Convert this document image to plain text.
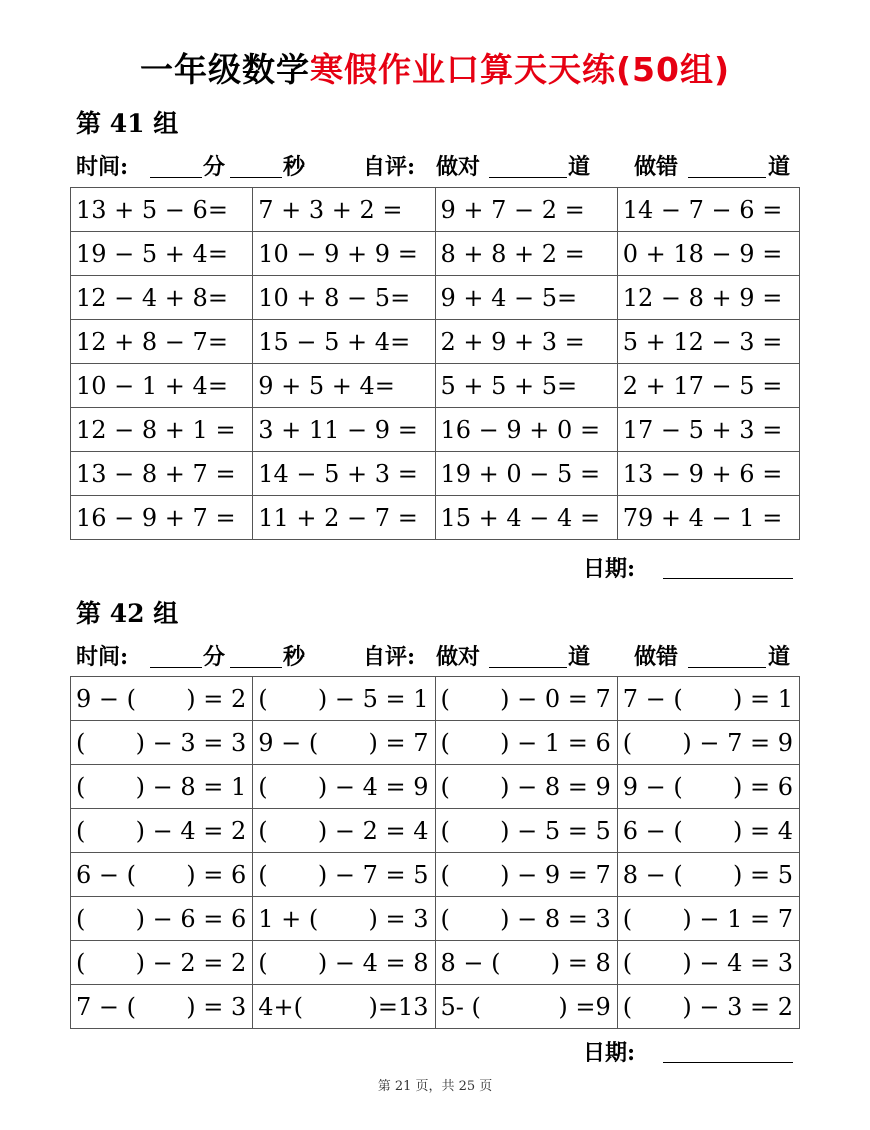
一年级数学寒假作业口算天天练(50组)
第 41 组
时间:	分	秒	自评: 做对	道 做错	道
13 + 5 − 6=	7 + 3 + 2 =	9 + 7 − 2 =	14 − 7 − 6 =
19 − 5 + 4=	10 − 9 + 9 =	8 + 8 + 2 =	0 + 18 − 9 =
12 − 4 + 8=	10 + 8 − 5=	9 + 4 − 5=	12 − 8 + 9 =
12 + 8 − 7=	15 − 5 + 4=	2 + 9 + 3 =	5 + 12 − 3 =
10 − 1 + 4=	9 + 5 + 4=	5 + 5 + 5=	2 + 17 − 5 =
12 − 8 + 1 =	3 + 11 − 9 =	16 − 9 + 0 =	17 − 5 + 3 =
13 − 8 + 7 =	14 − 5 + 3 =	19 + 0 − 5 =	13 − 9 + 6 =
16 − 9 + 7 =	11 + 2 − 7 =	15 + 4 − 4 =	79 + 4 − 1 =
日期:
第 42 组
时间:	分	秒	自评: 做对	道 做错	道
9 − ( ) = 2	( ) − 5 = 1	( ) − 0 = 7	7 − ( ) = 1

( ) − 3 = 3	9 − ( ) = 7	( ) − 1 = 6	( ) − 7 = 9

( ) − 8 = 1	( ) − 4 = 9	( ) − 8 = 9	9 − ( ) = 6

( ) − 4 = 2	( ) − 2 = 4	( ) − 5 = 5	6 − ( ) = 4

6 − ( ) = 6	( ) − 7 = 5	( ) − 9 = 7	8 − ( ) = 5

( ) − 6 = 6	1 + ( ) = 3	( ) − 8 = 3	( ) − 1 = 7

( ) − 2 = 2	( ) − 4 = 8	8 − ( ) = 8	( ) − 4 = 3

7 − ( ) = 3	4+( )=13	5- ( ) =9	( ) − 3 = 2
日期:
第 21 页，共 25 页
